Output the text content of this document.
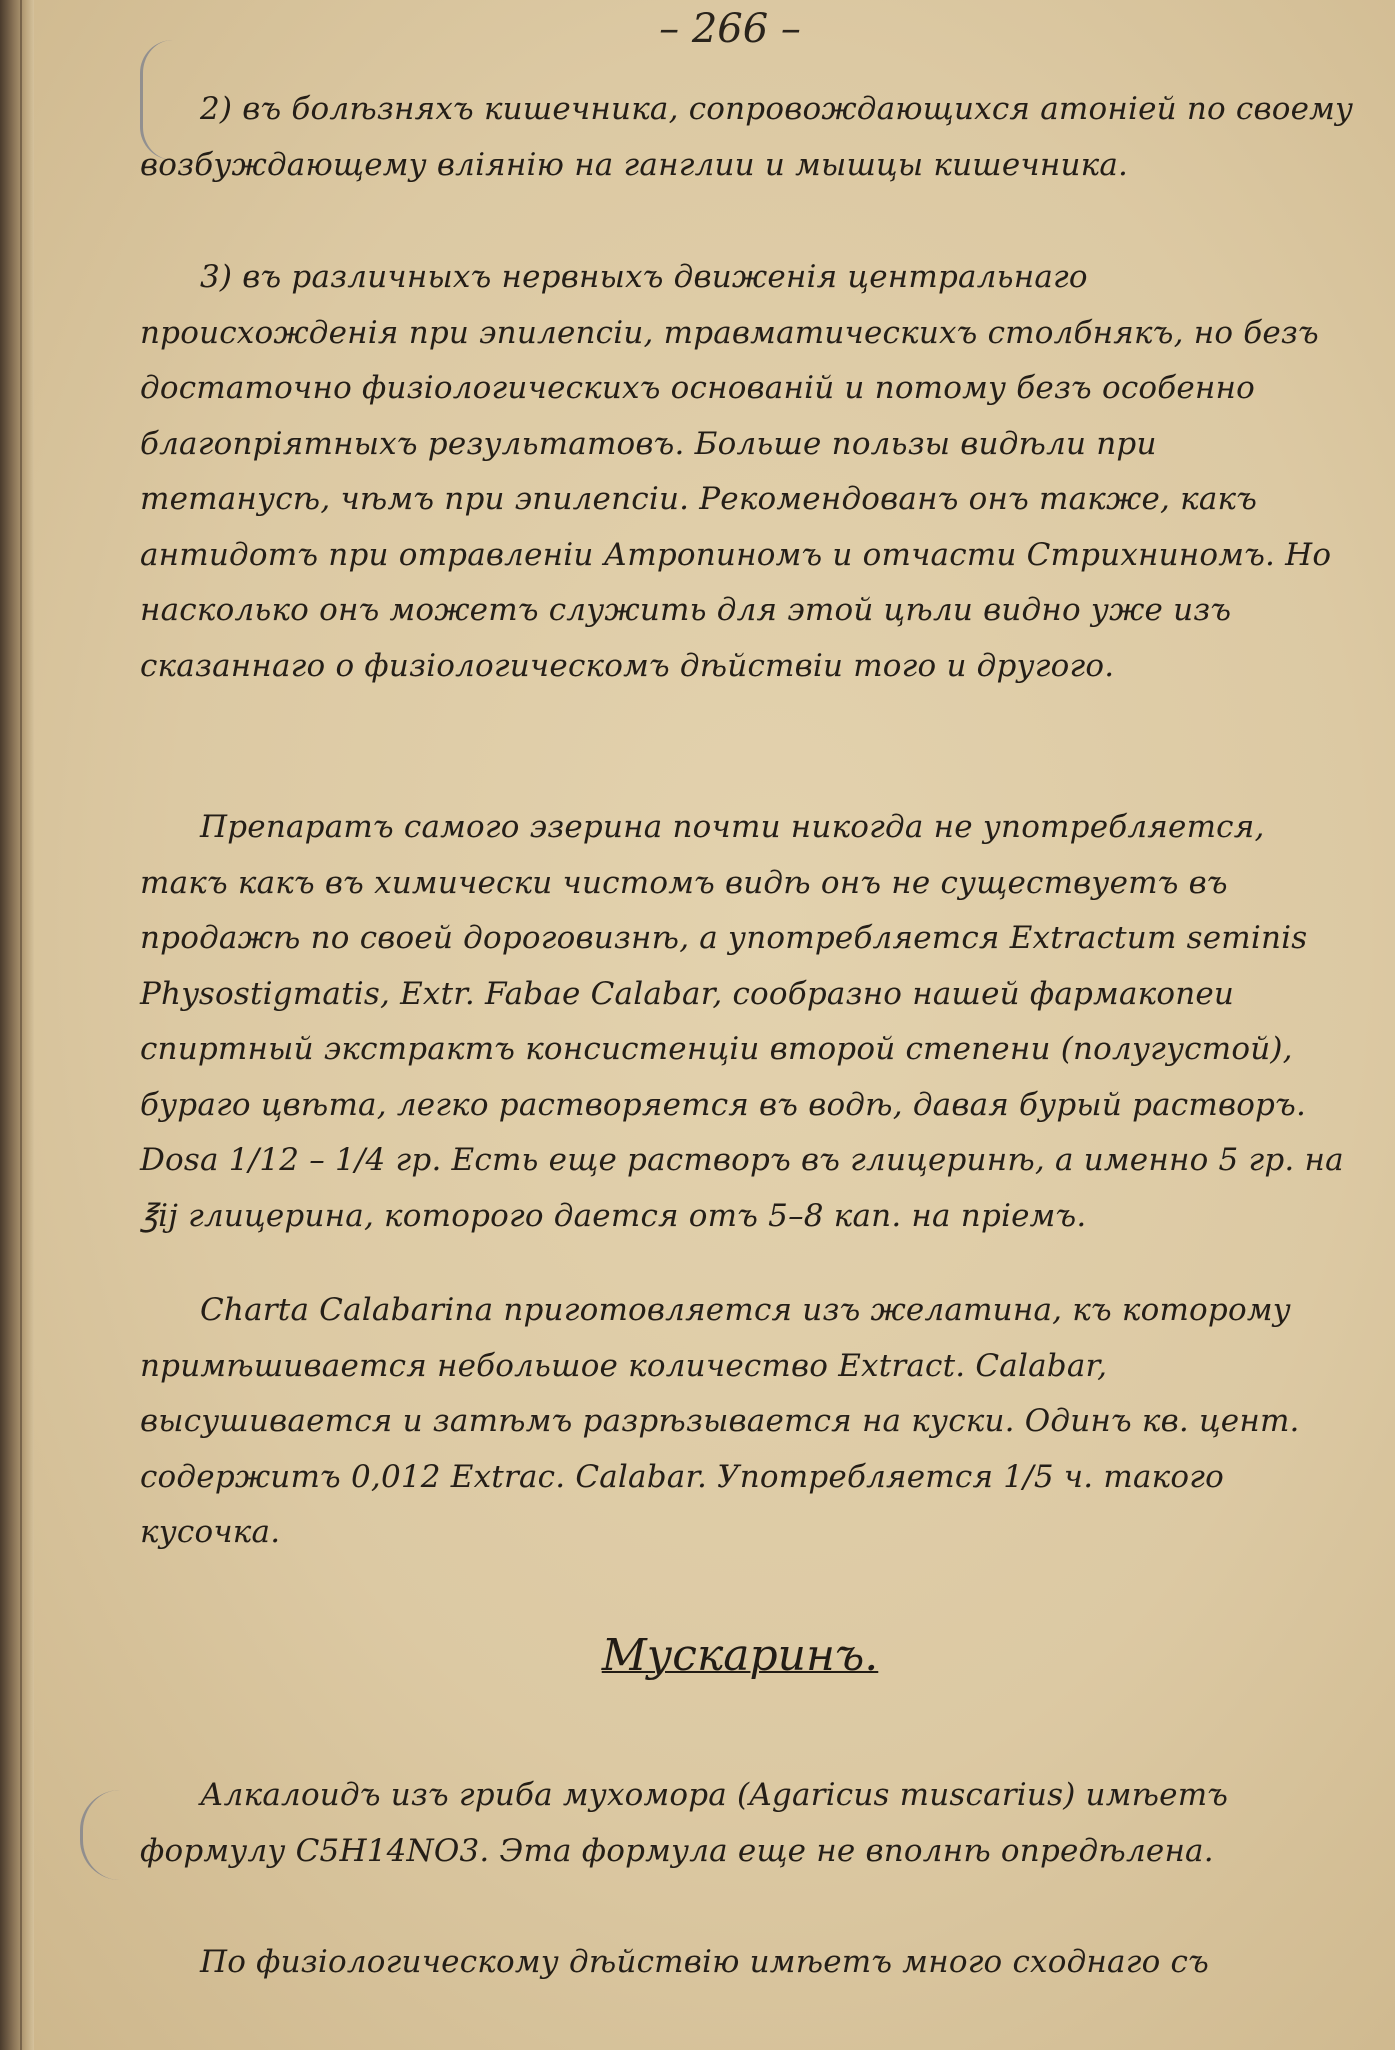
– 266 –
2) въ болѣзняхъ кишечника, сопровождающихся атоніей по своему возбуждающему вліянію на ганглии и мышцы кишечника.
3) въ различныхъ нервныхъ движенія центральнаго происхожденія при эпилепсіи, травматическихъ столбнякъ, но безъ достаточно физіологическихъ основаній и потому безъ особенно благопріятныхъ результатовъ. Больше пользы видѣли при тетанусѣ, чѣмъ при эпилепсіи. Рекомендованъ онъ также, какъ антидотъ при отравленіи Атропиномъ и отчасти Стрихниномъ. Но насколько онъ можетъ служить для этой цѣли видно уже изъ сказаннаго о физіологическомъ дѣйствіи того и другого.
Препаратъ самого эзерина почти никогда не употребляется, такъ какъ въ химически чистомъ видѣ онъ не существуетъ въ продажѣ по своей дороговизнѣ, а употребляется Extractum seminis Physostigmatis, Extr. Fabae Calabar, сообразно нашей фармакопеи спиртный экстрактъ консистенціи второй степени (полугустой), бураго цвѣта, легко растворяется въ водѣ, давая бурый растворъ. Dosa 1/12 – 1/4 гр. Есть еще растворъ въ глицеринѣ, а именно 5 гр. на ℥ij глицерина, которого дается отъ 5–8 кап. на пріемъ.
Charta Calabarina приготовляется изъ желатина, къ которому примѣшивается небольшое количество Extract. Calabar, высушивается и затѣмъ разрѣзывается на куски. Одинъ кв. цент. содержитъ 0,012 Extrac. Calabar. Употребляется 1/5 ч. такого кусочка.
Мускаринъ.
Алкалоидъ изъ гриба мухомора (Agaricus muscarius) имѣетъ формулу C5H14NO3. Эта формула еще не вполнѣ опредѣлена.
По физіологическому дѣйствію имѣетъ много сходнаго съ
